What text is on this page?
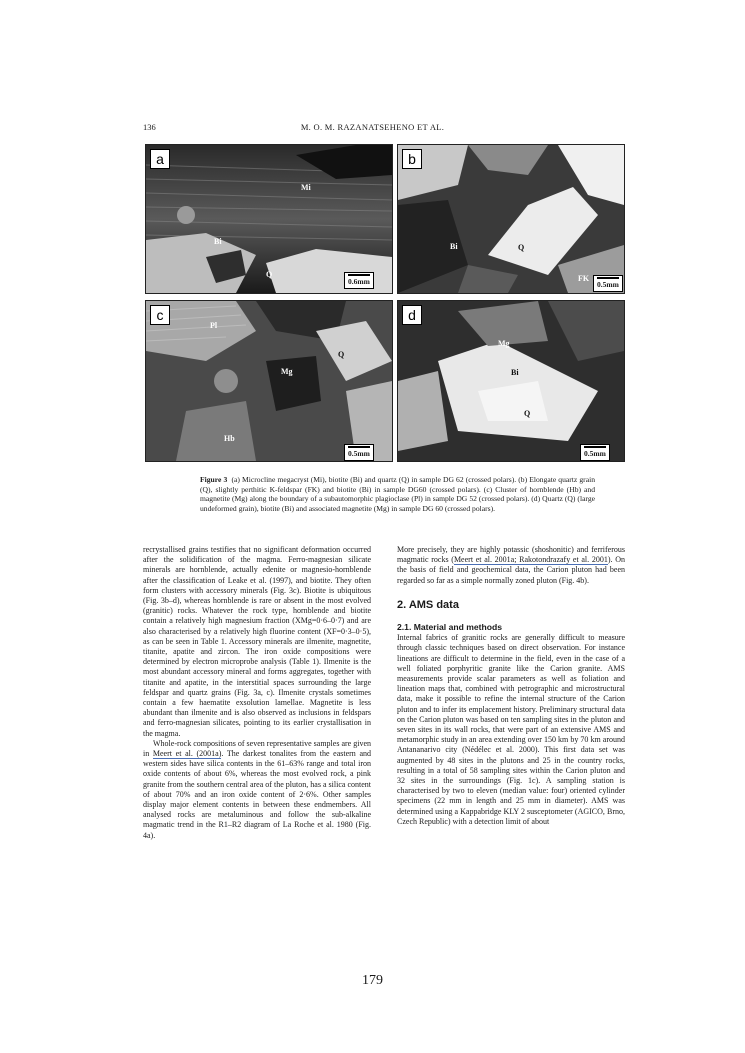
136	M. O. M. RAZANATSEHENO ET AL.
a
Mi
Bi
Q
0.6mm
b
Bi	Q
FK
0.5mm
c
Pl
Q
Mg
Hb
0.5mm
d
Mg
Bi
Q
0.5mm
Figure 3 (a) Microcline megacryst (Mi), biotite (Bi) and quartz (Q) in sample DG 62 (crossed polars). (b) Elongate quartz grain (Q), slightly perthitic K-feldspar (FK) and biotite (Bi) in sample DG60 (crossed polars). (c) Cluster of hornblende (Hb) and magnetite (Mg) along the boundary of a subautomorphic plagioclase (Pl) in sample DG 52 (crossed polars). (d) Quartz (Q) (large undeformed grain), biotite (Bi) and associated magnetite (Mg) in sample DG 60 (crossed polars).

recrystallised grains testifies that no significant deformation occurred after the solidification of the magma. Ferro-magnesian silicate minerals are hornblende, actually edenite or magnesio-hornblende after the classification of Leake et al. (1997), and biotite. They often form clusters with accessory minerals (Fig. 3c). Biotite is ubiquitous (Fig. 3b–d), whereas hornblende is rare or absent in the most evolved (granitic) rocks. Whatever the rock type, hornblende and biotite contain a relatively high magnesium fraction (XMg=0·6–0·7) and are also characterised by a relatively high fluorine content (XF=0·3–0·5), as can be seen in Table 1. Accessory minerals are ilmenite, magnetite, titanite, apatite and zircon. The iron oxide compositions were determined by electron microprobe analysis (Table 1). Ilmenite is the most abundant accessory mineral and forms aggregates, together with titanite and apatite, in the interstitial spaces surrounding the large feldspar and quartz grains (Fig. 3a, c). Ilmenite crystals sometimes contain a few haematite exsolution lamellae. Magnetite is less abundant than ilmenite and is also observed as inclusions in feldspars and ferro-magnesian silicates, pointing to its earlier crystallisation in the magma.

Whole-rock compositions of seven representative samples are given in Meert et al. (2001a). The darkest tonalites from the eastern and western sides have silica contents in the 61–63% range and total iron oxide contents of about 6%, whereas the most evolved rock, a pink granite from the southern central area of the pluton, has a silica content of about 70% and an iron oxide content of 2·6%. Other samples display major element contents in between these endmembers. All analysed rocks are metaluminous and follow the sub-alkaline magmatic trend in the R1–R2 diagram of La Roche et al. 1980 (Fig. 4a).

More precisely, they are highly potassic (shoshonitic) and ferriferous magmatic rocks (Meert et al. 2001a; Rakotondrazafy et al. 2001). On the basis of field and geochemical data, the Carion pluton had been regarded so far as a simple normally zoned pluton (Fig. 4b).

2. AMS data
2.1. Material and methods

Internal fabrics of granitic rocks are generally difficult to measure through classic techniques based on direct observation. For instance lineations are difficult to determine in the field, even in the case of a well foliated porphyritic granite like the Carion granite. AMS measurements provide scalar parameters as well as foliation and lineation maps that, combined with petrographic and microstructural data, make it possible to refine the internal structure of the Carion pluton and to infer its emplacement history. Preliminary structural data on the Carion pluton was based on ten sampling sites in the pluton and seven sites in its wall rocks, that were part of an extensive AMS and metamorphic study in an area extending over 150 km by 70 km around Antananarivo city (Nédélec et al. 2000). This first data set was augmented by 48 sites in the plutons and 25 in the country rocks, resulting in a total of 58 sampling sites within the Carion pluton and 32 sites in the surroundings (Fig. 1c). A sampling station is characterised by two to eleven (median value: four) oriented cylinder specimens (22 mm in length and 25 mm in diameter). AMS was determined using a Kappabridge KLY 2 susceptometer (AGICO, Brno, Czech Republic) with a detection limit of about

179
